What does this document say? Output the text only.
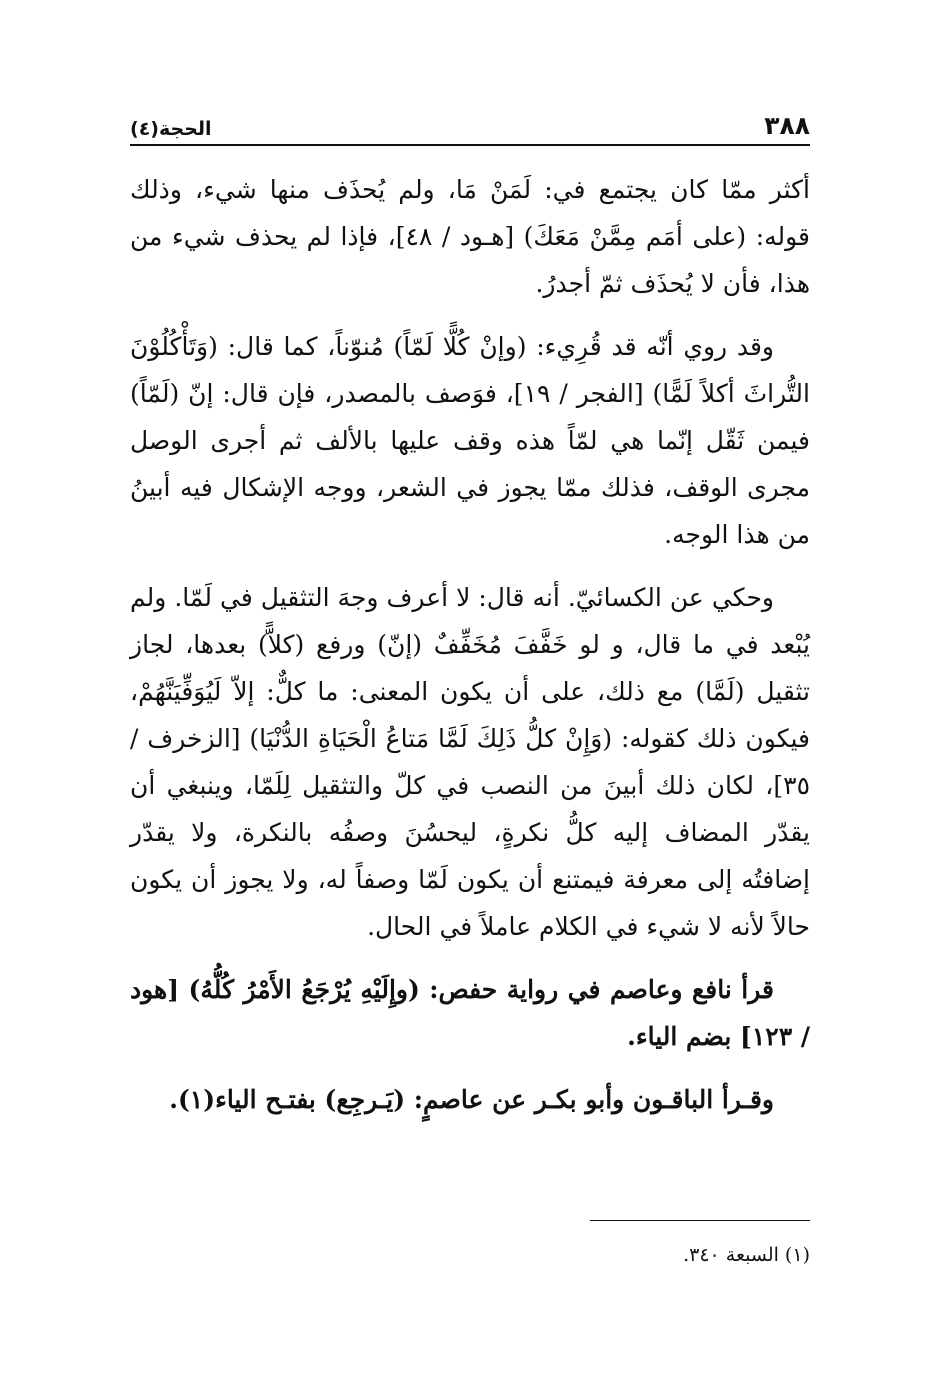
٣٨٨
الحجة(٤)

أكثر ممّا كان يجتمع في: لَمَنْ مَا، ولم يُحذَف منها شيء، وذلك قوله: (على أمَم مِمَّنْ مَعَكَ) [هـود / ٤٨]، فإذا لم يحذف شيء من هذا، فأن لا يُحذَف ثمّ أجدرُ.

وقد روي أنّه قد قُرِيء: (وإنْ كُلًّا لَمّاً) مُنوّناً، كما قال: (وَتَأْكُلُوْنَ التُّراثَ أكلاً لَمًّا) [الفجر / ١٩]، فوَصف بالمصدر، فإن قال: إنّ (لَمّاً) فيمن ثَقّل إنّما هي لمّاً هذه وقف عليها بالألف ثم أجرى الوصل مجرى الوقف، فذلك ممّا يجوز في الشعر، ووجه الإشكال فيه أبينُ من هذا الوجه.

وحكي عن الكسائيّ. أنه قال: لا أعرف وجهَ التثقيل في لَمّا. ولم يُبْعد في ما قال، و لو خَفَّفَ مُخَفِّفٌ (إنّ) ورفع (كلاًّ) بعدها، لجاز تثقيل (لَمَّا) مع ذلك، على أن يكون المعنى: ما كلٌّ: إلاّ لَيُوَفِّيَنَّهُمْ، فيكون ذلك كقوله: (وَإِنْ كلُّ ذَلِكَ لَمَّا مَتاعُ الْحَيَاةِ الدُّنْيَا) [الزخرف / ٣٥]، لكان ذلك أبينَ من النصب في كلّ والتثقيل لِلَمّا، وينبغي أن يقدّر المضاف إليه كلُّ نكرةٍ، ليحسُنَ وصفُه بالنكرة، ولا يقدّر إضافتُه إلى معرفة فيمتنع أن يكون لَمّا وصفاً له، ولا يجوز أن يكون حالاً لأنه لا شيء في الكلام عاملاً في الحال.

قرأ نافع وعاصم في رواية حفص: (وإِلَيْهِ يُرْجَعُ الأَمْرُ كُلُّهُ) [هود / ١٢٣] بضم الياء.

وقـرأ الباقـون وأبو بكـر عن عاصمٍ: (يَـرجِع) بفتـح الياء(١).

(١) السبعة ٣٤٠.
